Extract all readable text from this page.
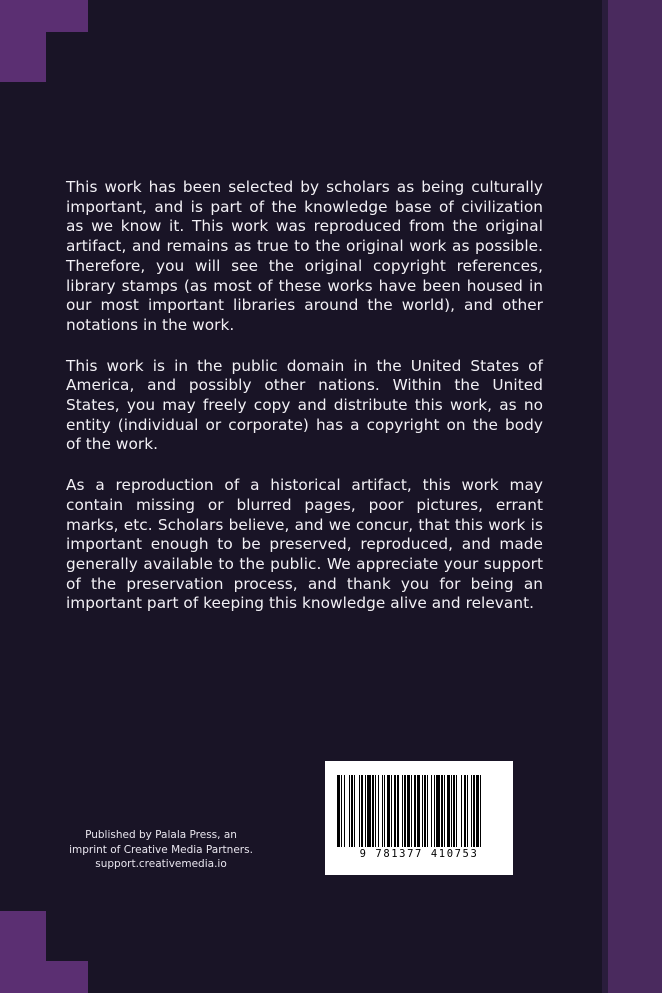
This work has been selected by scholars as being culturally important, and is part of the knowledge base of civilization as we know it. This work was reproduced from the original artifact, and remains as true to the original work as possible. Therefore, you will see the original copyright references, library stamps (as most of these works have been housed in our most important libraries around the world), and other notations in the work.

This work is in the public domain in the United States of America, and possibly other nations. Within the United States, you may freely copy and distribute this work, as no entity (individual or corporate) has a copyright on the body of the work.

As a reproduction of a historical artifact, this work may contain missing or blurred pages, poor pictures, errant marks, etc. Scholars believe, and we concur, that this work is important enough to be preserved, reproduced, and made generally available to the public. We appreciate your support of the preservation process, and thank you for being an important part of keeping this knowledge alive and relevant.

Published by Palala Press, an
imprint of Creative Media Partners.
support.creativemedia.io
9 781377 410753
